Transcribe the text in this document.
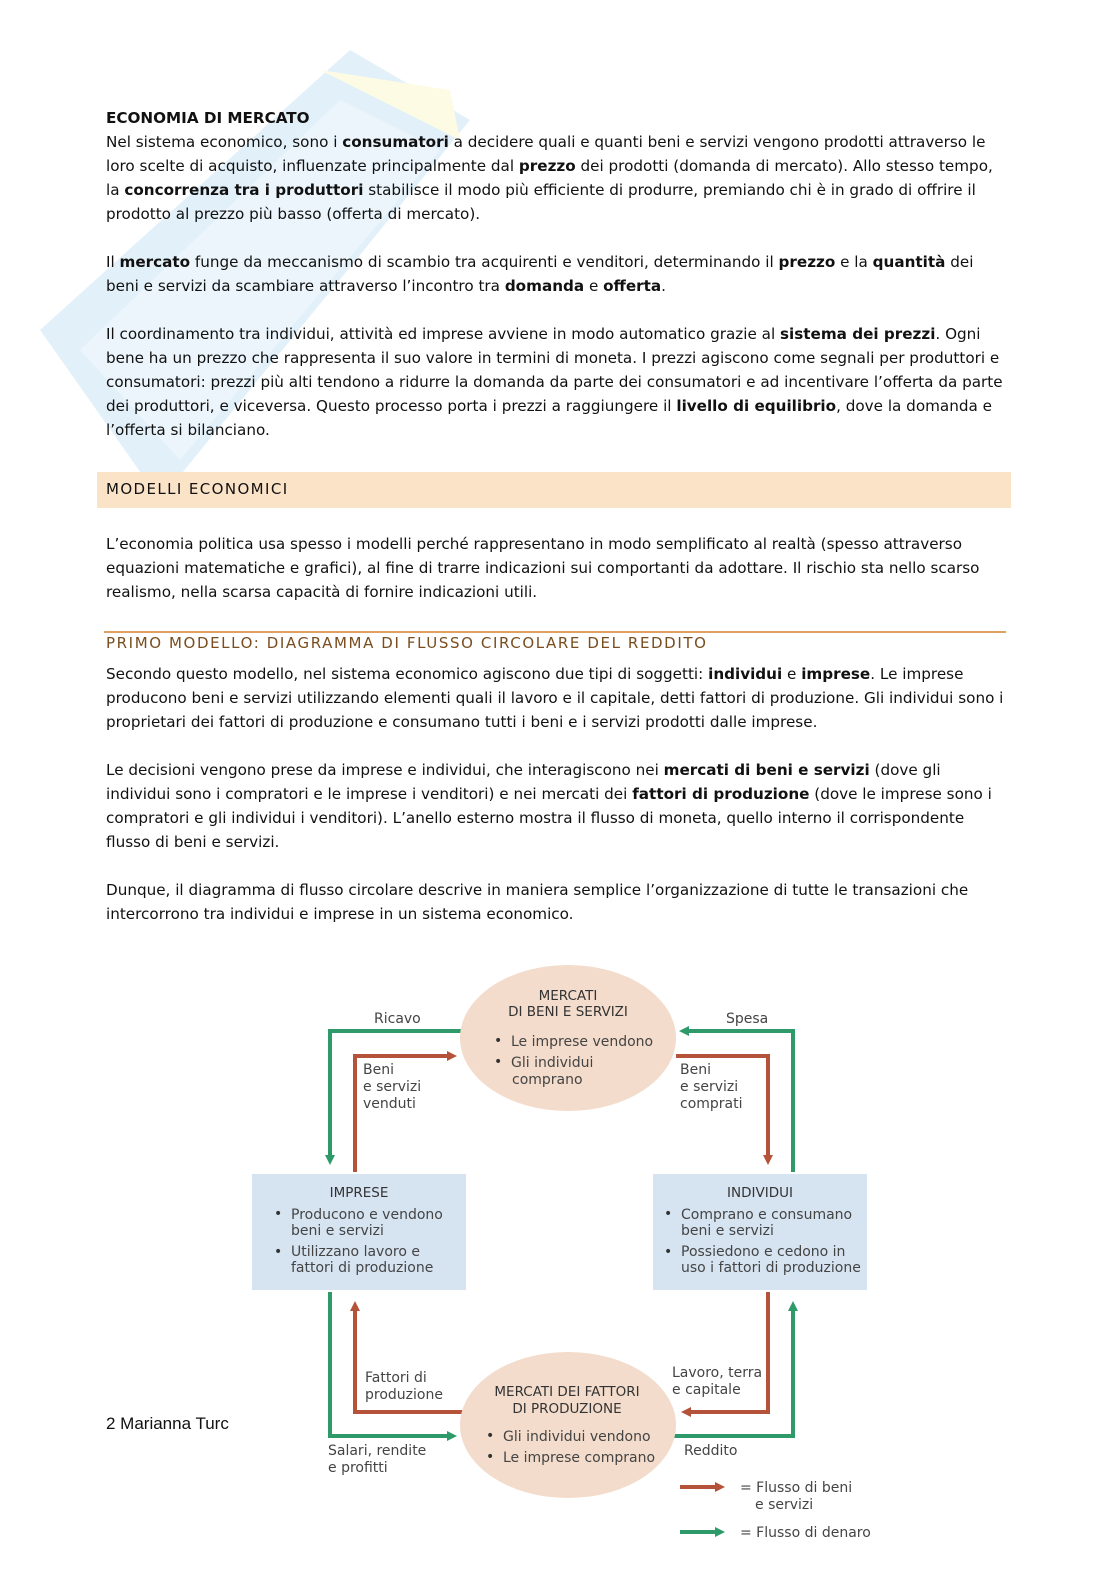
ECONOMIA DI MERCATO

Nel sistema economico, sono i consumatori a decidere quali e quanti beni e servizi vengono prodotti attraverso le loro scelte di acquisto, influenzate principalmente dal prezzo dei prodotti (domanda di mercato). Allo stesso tempo, la concorrenza tra i produttori stabilisce il modo più efficiente di produrre, premiando chi è in grado di offrire il prodotto al prezzo più basso (offerta di mercato).

Il mercato funge da meccanismo di scambio tra acquirenti e venditori, determinando il prezzo e la quantità dei beni e servizi da scambiare attraverso l’incontro tra domanda e offerta.

Il coordinamento tra individui, attività ed imprese avviene in modo automatico grazie al sistema dei prezzi. Ogni bene ha un prezzo che rappresenta il suo valore in termini di moneta. I prezzi agiscono come segnali per produttori e consumatori: prezzi più alti tendono a ridurre la domanda da parte dei consumatori e ad incentivare l’offerta da parte dei produttori, e viceversa. Questo processo porta i prezzi a raggiungere il livello di equilibrio, dove la domanda e l’offerta si bilanciano.

MODELLI ECONOMICI

L’economia politica usa spesso i modelli perché rappresentano in modo semplificato al realtà (spesso attraverso equazioni matematiche e grafici), al fine di trarre indicazioni sui comportanti da adottare. Il rischio sta nello scarso realismo, nella scarsa capacità di fornire indicazioni utili.

PRIMO MODELLO: DIAGRAMMA DI FLUSSO CIRCOLARE DEL REDDITO

Secondo questo modello, nel sistema economico agiscono due tipi di soggetti: individui e imprese. Le imprese producono beni e servizi utilizzando elementi quali il lavoro e il capitale, detti fattori di produzione. Gli individui sono i proprietari dei fattori di produzione e consumano tutti i beni e i servizi prodotti dalle imprese.

Le decisioni vengono prese da imprese e individui, che interagiscono nei mercati di beni e servizi (dove gli individui sono i compratori e le imprese i venditori) e nei mercati dei fattori di produzione (dove le imprese sono i compratori e gli individui i venditori). L’anello esterno mostra il flusso di moneta, quello interno il corrispondente flusso di beni e servizi.

Dunque, il diagramma di flusso circolare descrive in maniera semplice l’organizzazione di tutte le transazioni che intercorrono tra individui e imprese in un sistema economico.

MERCATI
DI BENI E SERVIZI
• Le imprese vendono
• Gli individui
comprano
MERCATI DEI FATTORI
DI PRODUZIONE
• Gli individui vendono
• Le imprese comprano
IMPRESE
• Producono e vendono
beni e servizi
• Utilizzano lavoro e
fattori di produzione
INDIVIDUI
• Comprano e consumano
beni e servizi
• Possiedono e cedono in
uso i fattori di produzione
Ricavo	Spesa
Beni
e servizi
venduti
Beni
e servizi
comprati
Fattori di
produzione
Lavoro, terra
e capitale
Salari, rendite
e profitti
Reddito
= Flusso di beni
e servizi
= Flusso di denaro
2 Marianna Turc
